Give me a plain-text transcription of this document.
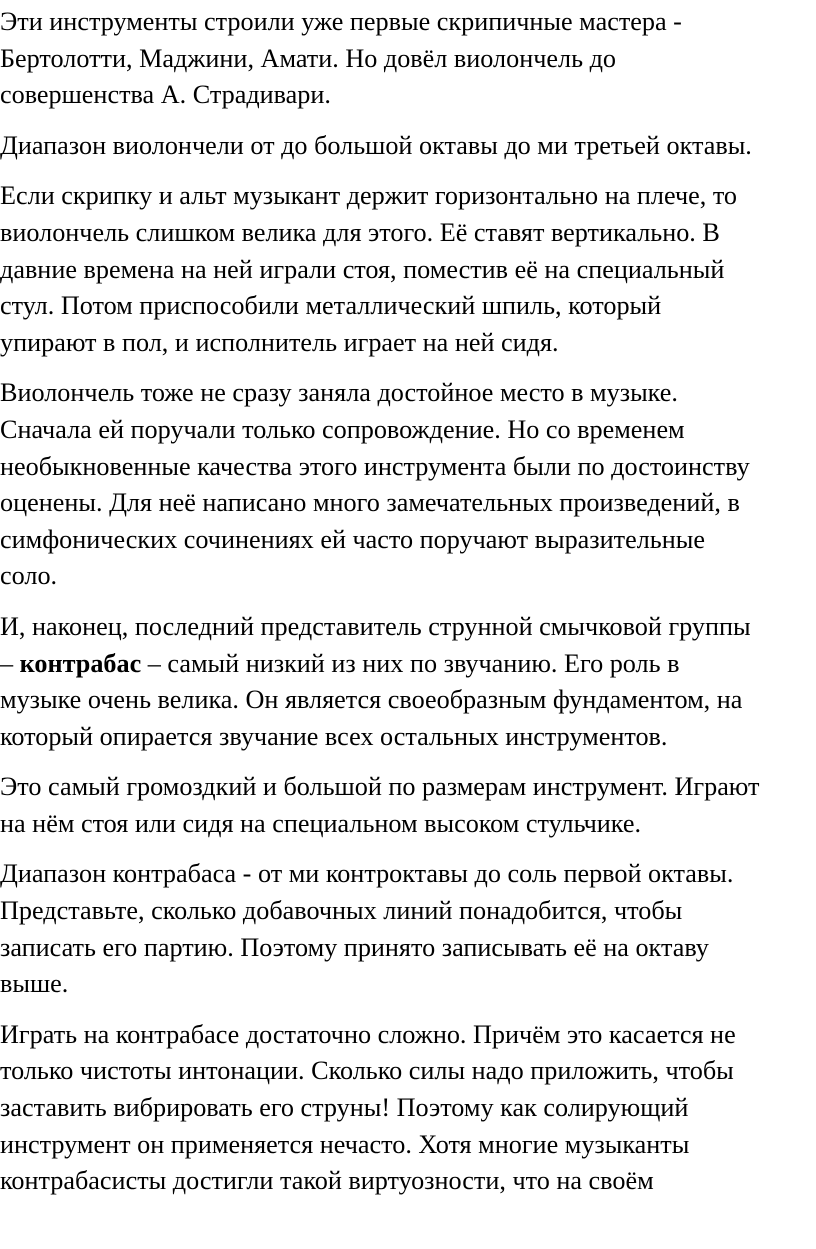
Эти инструменты строили уже первые скрипичные мастера -
Бертолотти, Маджини, Амати. Но довёл виолончель до
совершенства А. Страдивари.

Диапазон виолончели от до большой октавы до ми третьей октавы.

Если скрипку и альт музыкант держит горизонтально на плече, то
виолончель слишком велика для этого. Её ставят вертикально. В
давние времена на ней играли стоя, поместив её на специальный
стул. Потом приспособили металлический шпиль, который
упирают в пол, и исполнитель играет на ней сидя.

Виолончель тоже не сразу заняла достойное место в музыке.
Сначала ей поручали только сопровождение. Но со временем
необыкновенные качества этого инструмента были по достоинству
оценены. Для неё написано много замечательных произведений, в
симфонических сочинениях ей часто поручают выразительные
соло.

И, наконец, последний представитель струнной смычковой группы
– контрабас – самый низкий из них по звучанию. Его роль в
музыке очень велика. Он является своеобразным фундаментом, на
который опирается звучание всех остальных инструментов.

Это самый громоздкий и большой по размерам инструмент. Играют
на нём стоя или сидя на специальном высоком стульчике.

Диапазон контрабаса - от ми контроктавы до соль первой октавы.
Представьте, сколько добавочных линий понадобится, чтобы
записать его партию. Поэтому принято записывать её на октаву
выше.

Играть на контрабасе достаточно сложно. Причём это касается не
только чистоты интонации. Сколько силы надо приложить, чтобы
заставить вибрировать его струны! Поэтому как солирующий
инструмент он применяется нечасто. Хотя многие музыканты
контрабасисты достигли такой виртуозности, что на своём
